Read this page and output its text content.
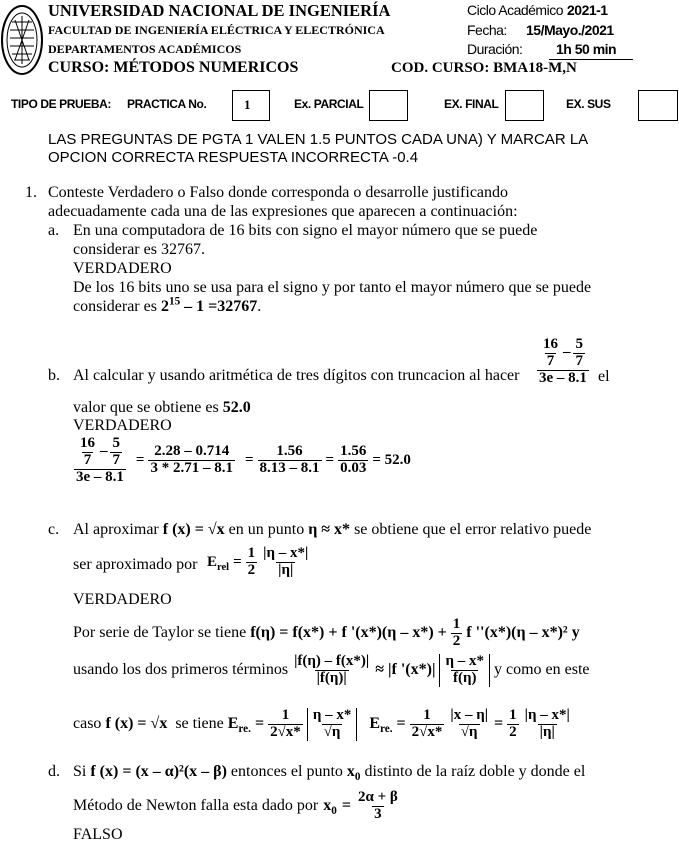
UNIVERSIDAD NACIONAL DE INGENIERÍA
FACULTAD DE INGENIERÍA ELÉCTRICA Y ELECTRÓNICA
DEPARTAMENTOS ACADÉMICOS
CURSO: MÉTODOS NUMERICOS	COD. CURSO: BMA18-M,N
Ciclo Académico :
2021-1
Fecha: 15/Mayo./2021
Duración: 1h 50 min
TIPO DE PRUEBA: PRACTICA No.	1	Ex. PARCIAL	EX. FINAL	EX. SUS
LAS PREGUNTAS DE PGTA 1 VALEN 1.5 PUNTOS CADA UNA) Y MARCAR LA
OPCION CORRECTA RESPUESTA INCORRECTA -0.4
1. Conteste Verdadero o Falso donde corresponda o desarrolle justificando
adecuadamente cada una de las expresiones que aparecen a continuación:
a. En una computadora de 16 bits con signo el mayor número que se puede
considerar es 32767.
VERDADERO
De los 16 bits uno se usa para el signo y por tanto el mayor número que se puede
considerar es $2^{15} - 1 =32767$.
b. Al calcular y usando aritmética de tres dígitos con truncacion al hacer $\frac{\frac{16}{7} - \frac{5}{7}}{3e - 8.1}$ el
valor que se obtiene es 52.0
VERDADERO
$\frac{\frac{16}{7} - \frac{5}{7}}{3e - 8.1} = \frac{2.28 - 0.714}{3 * 2.71 - 8.1} = \frac{1.56}{8.13 - 8.1} = \frac{1.56}{0.03} = 52.0$
c. Al aproximar f (x) = √x en un punto η ≈ x* se obtiene que el error relativo puede
ser aproximado por $E_{rel} = \frac{1}{2} \frac{|\eta - x*|}{|\eta|}$
VERDADERO
Por serie de Taylor se tiene f(η) = f(x*) + f '$(x*)(\eta - x*) + \frac{1}{2}$ f ''(x*)(η – x*)² y
usando los dos primeros términos $\frac{|f(\eta) - f(x*)|}{|f(\eta)|} \approx |f$ '$(x*)| \frac{\eta - x*}{f(\eta)}$ y como en este
caso f (x) = √x se tiene $E_{re.} = \frac{1}{2√x*} \frac{\eta - x*}{√\eta} E_{re.} = \frac{1}{2√x*} \frac{|x - \eta|}{√\eta} = \frac{1}{2} \frac{|\eta - x*|}{|\eta|}$
d. Si f (x) = (x – α)²(x – β) entonces el punto $x_0$ distinto de la raíz doble y donde el
Método de Newton falla esta dado por $x_0 = \frac{2\alpha + \beta}{3}$
FALSO
